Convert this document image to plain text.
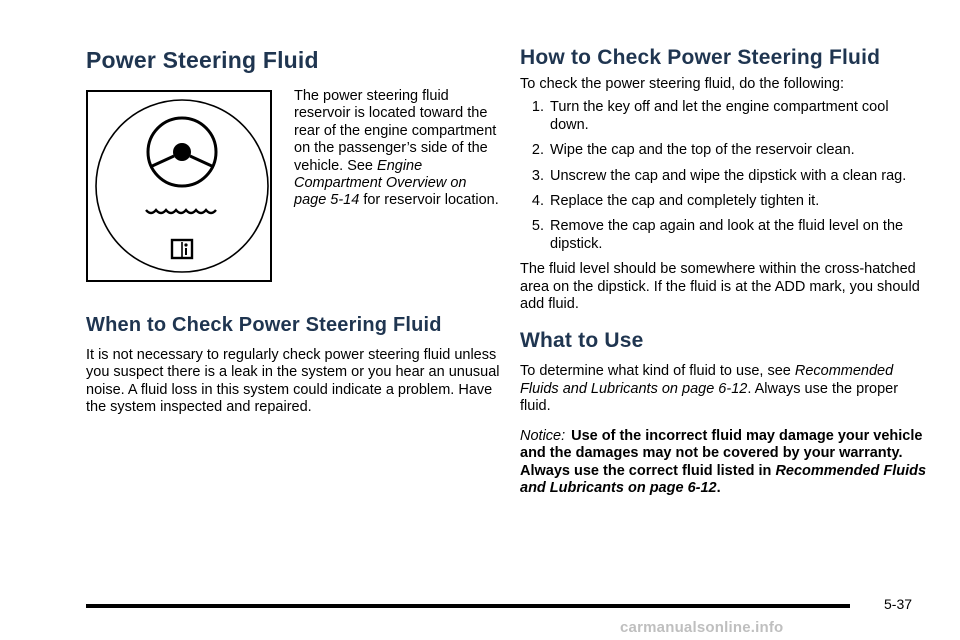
Power Steering Fluid

The power steering fluid reservoir is located toward the rear of the engine compartment on the passenger’s side of the vehicle. See Engine Compartment Overview on page 5-14 for reservoir location.

When to Check Power Steering Fluid

It is not necessary to regularly check power steering fluid unless you suspect there is a leak in the system or you hear an unusual noise. A fluid loss in this system could indicate a problem. Have the system inspected and repaired.

How to Check Power Steering Fluid

To check the power steering fluid, do the following:

1. Turn the key off and let the engine compartment cool down.
2. Wipe the cap and the top of the reservoir clean.
3. Unscrew the cap and wipe the dipstick with a clean rag.
4. Replace the cap and completely tighten it.
5. Remove the cap again and look at the fluid level on the dipstick.

The fluid level should be somewhere within the cross-hatched area on the dipstick. If the fluid is at the ADD mark, you should add fluid.

What to Use

To determine what kind of fluid to use, see Recommended Fluids and Lubricants on page 6-12. Always use the proper fluid.

Notice: Use of the incorrect fluid may damage your vehicle and the damages may not be covered by your warranty. Always use the correct fluid listed in Recommended Fluids and Lubricants on page 6-12.

5-37
carmanualsonline.info
